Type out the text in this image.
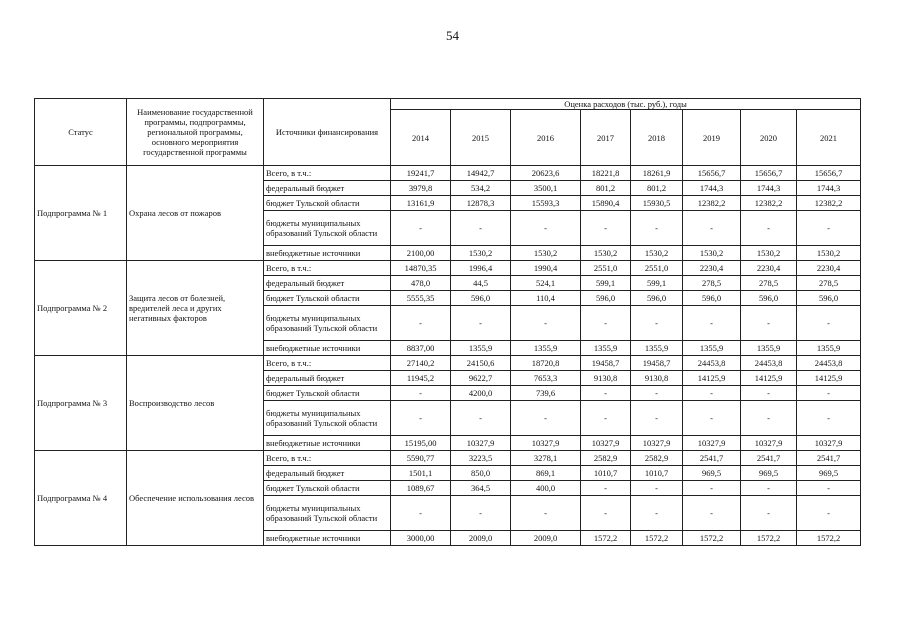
54
Статус	Наименование государственной программы, подпрограммы, региональной программы, основного мероприятия государственной программы	Источники финансирования	Оценка расходов (тыс. руб.), годы							
			2014	2015	2016	2017	2018	2019	2020	2021
Подпрограмма № 1	Охрана лесов от пожаров	Всего, в т.ч.:	19241,7	14942,7	20623,6	18221,8	18261,9	15656,7	15656,7	15656,7
		федеральный бюджет	3979,8	534,2	3500,1	801,2	801,2	1744,3	1744,3	1744,3
		бюджет Тульской области	13161,9	12878,3	15593,3	15890,4	15930,5	12382,2	12382,2	12382,2
		бюджеты муниципальных образований Тульской области	-	-	-	-	-	-	-	-
		внебюджетные источники	2100,00	1530,2	1530,2	1530,2	1530,2	1530,2	1530,2	1530,2
Подпрограмма № 2	Защита лесов от болезней, вредителей леса и других негативных факторов	Всего, в т.ч.:	14870,35	1996,4	1990,4	2551,0	2551,0	2230,4	2230,4	2230,4
		федеральный бюджет	478,0	44,5	524,1	599,1	599,1	278,5	278,5	278,5
		бюджет Тульской области	5555,35	596,0	110,4	596,0	596,0	596,0	596,0	596,0
		бюджеты муниципальных образований Тульской области	-	-	-	-	-	-	-	-
		внебюджетные источники	8837,00	1355,9	1355,9	1355,9	1355,9	1355,9	1355,9	1355,9
Подпрограмма № 3	Воспроизводство лесов	Всего, в т.ч.:	27140,2	24150,6	18720,8	19458,7	19458,7	24453,8	24453,8	24453,8
		федеральный бюджет	11945,2	9622,7	7653,3	9130,8	9130,8	14125,9	14125,9	14125,9
		бюджет Тульской области	-	4200,0	739,6	-	-	-	-	-
		бюджеты муниципальных образований Тульской области	-	-	-	-	-	-	-	-
		внебюджетные источники	15195,00	10327,9	10327,9	10327,9	10327,9	10327,9	10327,9	10327,9
Подпрограмма № 4	Обеспечение использования лесов	Всего, в т.ч.:	5590,77	3223,5	3278,1	2582,9	2582,9	2541,7	2541,7	2541,7
		федеральный бюджет	1501,1	850,0	869,1	1010,7	1010,7	969,5	969,5	969,5
		бюджет Тульской области	1089,67	364,5	400,0	-	-	-	-	-
		бюджеты муниципальных образований Тульской области	-	-	-	-	-	-	-	-
		внебюджетные источники	3000,00	2009,0	2009,0	1572,2	1572,2	1572,2	1572,2	1572,2
